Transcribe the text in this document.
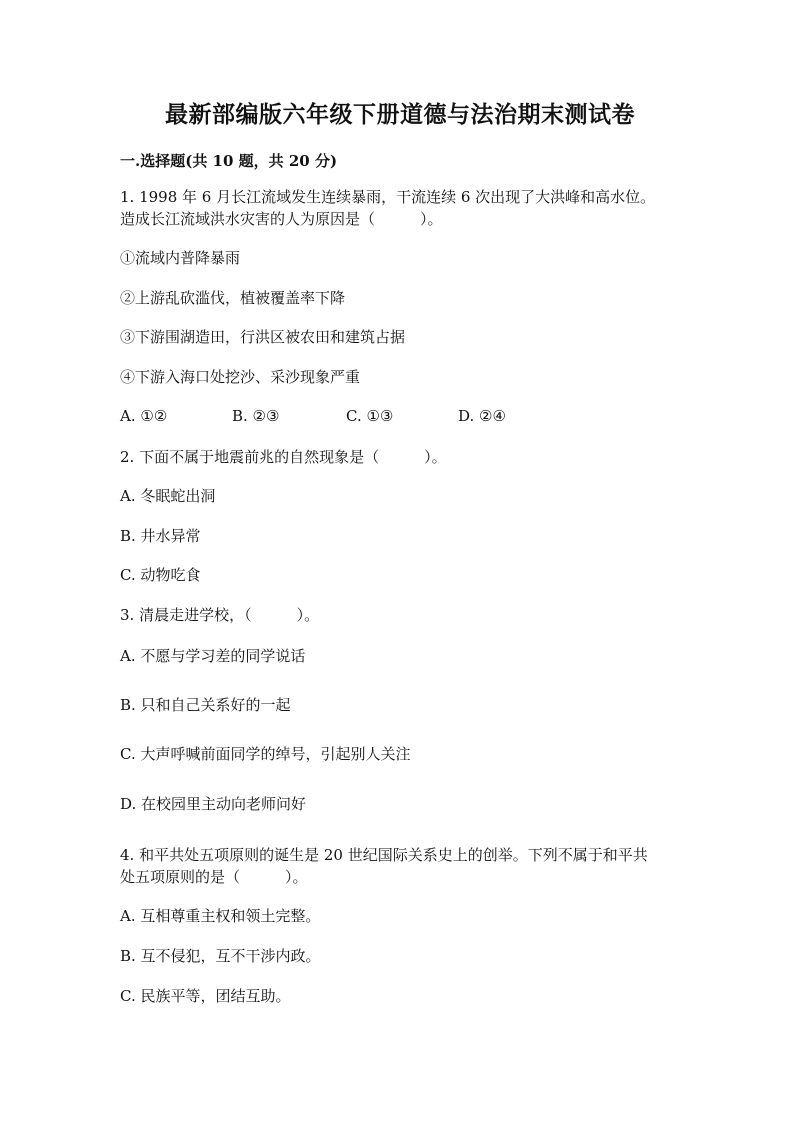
最新部编版六年级下册道德与法治期末测试卷
一.选择题(共 10 题，共 20 分)
1. 1998 年 6 月长江流域发生连续暴雨，干流连续 6 次出现了大洪峰和高水位。
造成长江流域洪水灾害的人为原因是（　　　）。
①流域内普降暴雨
②上游乱砍滥伐，植被覆盖率下降
③下游围湖造田，行洪区被农田和建筑占据
④下游入海口处挖沙、采沙现象严重
A. ①②	B. ②③	C. ①③	D. ②④
2. 下面不属于地震前兆的自然现象是（　　　）。
A. 冬眠蛇出洞
B. 井水异常
C. 动物吃食
3. 清晨走进学校，（　　　）。
A. 不愿与学习差的同学说话
B. 只和自己关系好的一起
C. 大声呼喊前面同学的绰号，引起别人关注
D. 在校园里主动向老师问好
4. 和平共处五项原则的诞生是 20 世纪国际关系史上的创举。下列不属于和平共
处五项原则的是（　　　）。
A. 互相尊重主权和领土完整。
B. 互不侵犯，互不干涉内政。
C. 民族平等，团结互助。
